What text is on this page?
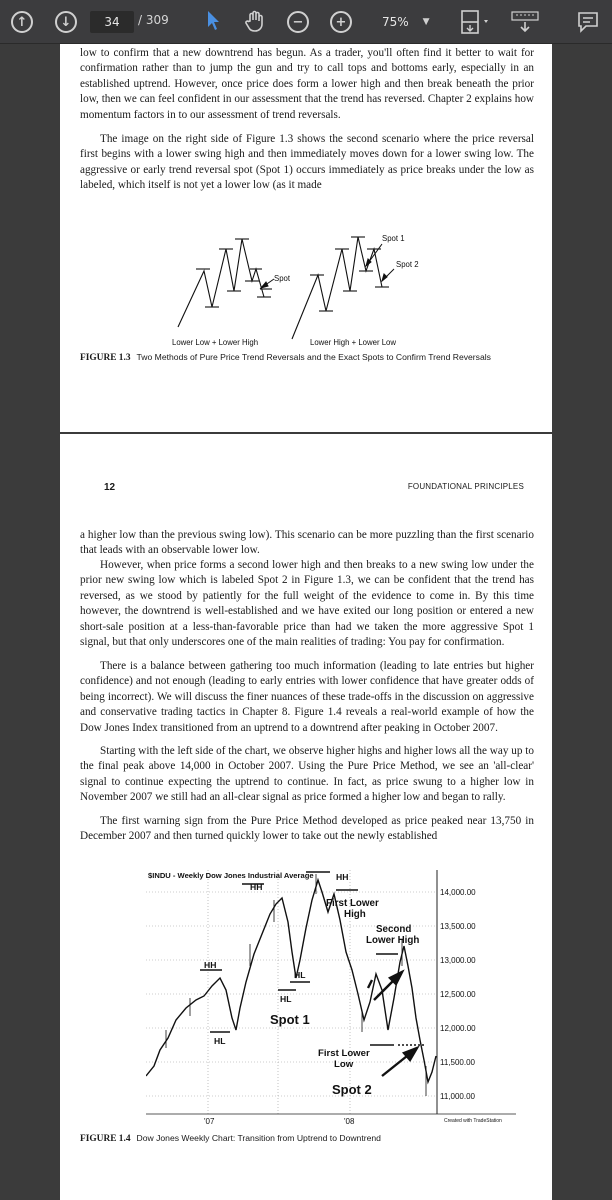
↑	↓	34 / 309	−	+	75% ▼

low to confirm that a new downtrend has begun. As a trader, you'll often find it better to wait for confirmation rather than to jump the gun and try to call tops and bottoms early, especially in an established uptrend. However, once price does form a lower high and then break beneath the prior low, then we can feel confident in our assessment that the trend has reversed. Chapter 2 explains how momentum factors in to our assessment of trend reversals.

The image on the right side of Figure 1.3 shows the second scenario where the price reversal first begins with a lower swing high and then immediately moves down for a lower swing low. The aggressive or early trend reversal spot (Spot 1) occurs immediately as price breaks under the low as labeled, which itself is not yet a lower low (as it made

Spot
Spot 1
Spot 2
Lower Low + Lower High	Lower High + Lower Low
FIGURE 1.3 Two Methods of Pure Price Trend Reversals and the Exact Spots to Confirm Trend Reversals
12	FOUNDATIONAL PRINCIPLES

a higher low than the previous swing low). This scenario can be more puzzling than the first scenario that leads with an observable lower low.

However, when price forms a second lower high and then breaks to a new swing low under the prior new swing low which is labeled Spot 2 in Figure 1.3, we can be confident that the trend has reversed, as we stood by patiently for the full weight of the evidence to come in. By this time however, the downtrend is well-established and we have exited our long position or entered a new short-sale position at a less-than-favorable price than had we taken the more aggressive Spot 1 signal, but that only underscores one of the main realities of trading: You pay for confirmation.

There is a balance between gathering too much information (leading to late entries but higher confidence) and not enough (leading to early entries with lower confidence that have greater odds of being incorrect). We will discuss the finer nuances of these trade-offs in the discussion on aggressive and conservative trading tactics in Chapter 8. Figure 1.4 reveals a real-world example of how the Dow Jones Index transitioned from an uptrend to a downtrend after peaking in October 2007.

Starting with the left side of the chart, we observe higher highs and higher lows all the way up to the final peak above 14,000 in October 2007. Using the Pure Price Method, we see an 'all-clear' signal to continue expecting the uptrend to continue. In fact, as price swung to a higher low in November 2007 we still had an all-clear signal as price formed a higher low and began to rally.

The first warning sign from the Pure Price Method developed as price peaked near 13,750 in December 2007 and then turned quickly lower to take out the newly established

$INDU - Weekly Dow Jones Industrial Average
HH
HH
HH
HL
HL
HL
First Lower High
Second Lower High
Spot 1
First Lower Low
Spot 2
14,000.00
13,500.00
13,000.00
12,500.00
12,000.00
11,500.00
11,000.00
'07	'08	Created with TradeStation
FIGURE 1.4 Dow Jones Weekly Chart: Transition from Uptrend to Downtrend
